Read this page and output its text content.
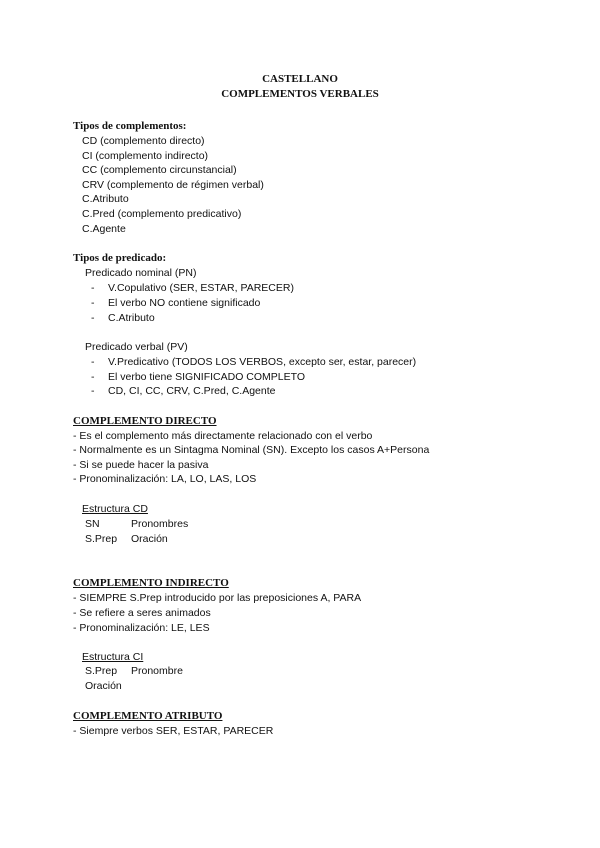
CASTELLANO
COMPLEMENTOS VERBALES
Tipos de complementos:
CD (complemento directo)
CI (complemento indirecto)
CC (complemento circunstancial)
CRV (complemento de régimen verbal)
C.Atributo
C.Pred (complemento predicativo)
C.Agente
Tipos de predicado:
Predicado nominal (PN)
- V.Copulativo (SER, ESTAR, PARECER)
- El verbo NO contiene significado
- C.Atributo
Predicado verbal (PV)
- V.Predicativo (TODOS LOS VERBOS, excepto ser, estar, parecer)
- El verbo tiene SIGNIFICADO COMPLETO
- CD, CI, CC, CRV, C.Pred, C.Agente
COMPLEMENTO DIRECTO
- Es el complemento más directamente relacionado con el verbo
- Normalmente es un Sintagma Nominal (SN). Excepto los casos A+Persona
- Si se puede hacer la pasiva
- Pronominalización: LA, LO, LAS, LOS
Estructura CD
SN	Pronombres
S.Prep Oración
COMPLEMENTO INDIRECTO
- SIEMPRE S.Prep introducido por las preposiciones A, PARA
- Se refiere a seres animados
- Pronominalización: LE, LES
Estructura CI
S.Prep Pronombre
Oración
COMPLEMENTO ATRIBUTO
- Siempre verbos SER, ESTAR, PARECER
